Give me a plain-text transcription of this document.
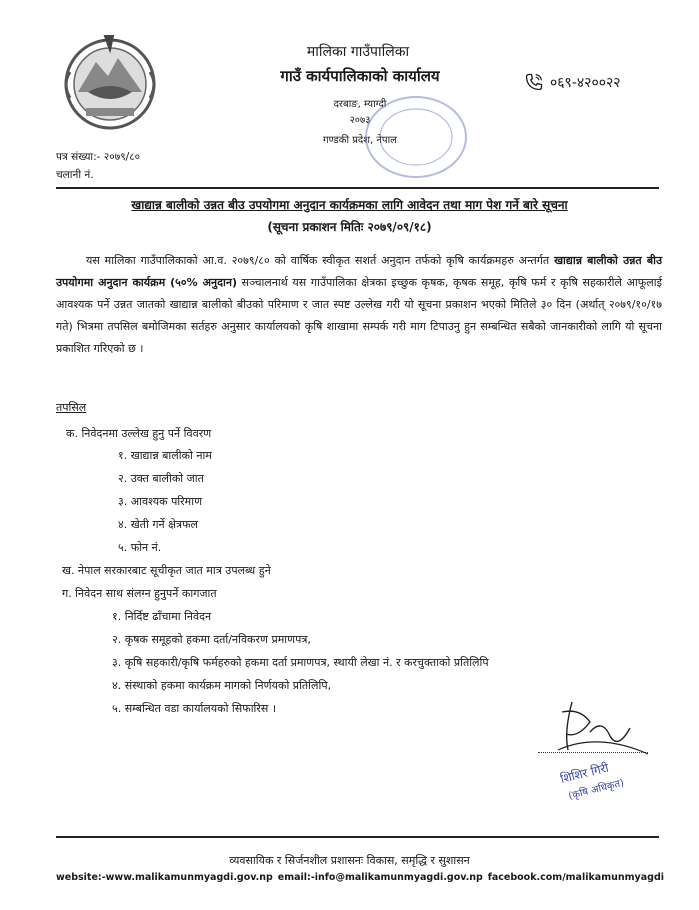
मालिका गाउँपालिका
गाउँ कार्यपालिकाको कार्यालय
दरबाङ, म्याग्दी
२०७३
गण्डकी प्रदेश, नेपाल
०६९-४२००२२
पत्र संख्या:- २०७९/८०
चलानी नं.
खाद्यान्न बालीको उन्नत बीउ उपयोगमा अनुदान कार्यक्रमका लागि आवेदन तथा माग पेश गर्ने बारे सूचना
(सूचना प्रकाशन मितिः २०७९/०९/१८)
यस मालिका गाउँपालिकाको आ.व. २०७९/८० को वार्षिक स्वीकृत सशर्त अनुदान तर्फको कृषि कार्यक्रमहरु अन्तर्गत खाद्यान्न बालीको उन्नत बीउ उपयोगमा अनुदान कार्यक्रम (५०% अनुदान) सञ्चालनार्थ यस गाउँपालिका क्षेत्रका इच्छुक कृषक, कृषक समूह, कृषि फर्म र कृषि सहकारीले आफूलाई आवश्यक पर्ने उन्नत जातको खाद्यान्न बालीको बीउको परिमाण र जात स्पष्ट उल्लेख गरी यो सूचना प्रकाशन भएको मितिले ३० दिन (अर्थात् २०७९/१०/१७ गते) भित्रमा तपसिल बमोजिमका सर्तहरु अनुसार कार्यालयको कृषि शाखामा सम्पर्क गरी माग टिपाउनु हुन सम्बन्धित सबैको जानकारीको लागि यो सूचना प्रकाशित गरिएको छ ।
तपसिल
क. निवेदनमा उल्लेख हुनु पर्ने विवरण
१. खाद्यान्न बालीको नाम
२. उक्त बालीको जात
३. आवश्यक परिमाण
४. खेती गर्ने क्षेत्रफल
५. फोन नं.
ख. नेपाल सरकारबाट सूचीकृत जात मात्र उपलब्ध हुने
ग. निवेदन साथ संलग्न हुनुपर्ने कागजात
१. निर्दिष्ट ढाँचामा निवेदन
२. कृषक समूहको हकमा दर्ता/नविकरण प्रमाणपत्र,
३. कृषि सहकारी/कृषि फर्महरुको हकमा दर्ता प्रमाणपत्र, स्थायी लेखा नं. र करचुक्ताको प्रतिलिपि
४. संस्थाको हकमा कार्यक्रम मागको निर्णयको प्रतिलिपि,
५. सम्बन्धित वडा कार्यालयको सिफारिस ।
शिशिर गिरी
(कृषि अधिकृत)
व्यवसायिक र सिर्जनशील प्रशासनः विकास, समृद्धि र सुशासन
website:-www.malikamunmyagdi.gov.np email:-info@malikamunmyagdi.gov.np facebook.com/malikamunmyagdi
